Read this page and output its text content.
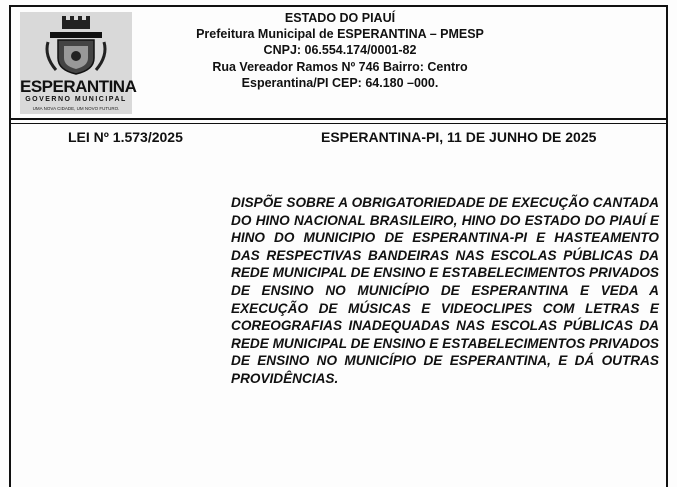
ESPERANTINA
GOVERNO MUNICIPAL
UMA NOVA CIDADE, UM NOVO FUTURO.
ESTADO DO PIAUÍ
Prefeitura Municipal de ESPERANTINA – PMESP
CNPJ: 06.554.174/0001-82
Rua Vereador Ramos Nº 746 Bairro: Centro
Esperantina/PI CEP: 64.180 –000.
LEI Nº 1.573/2025	ESPERANTINA-PI, 11 DE JUNHO DE 2025
DISPÕE SOBRE A OBRIGATORIEDADE DE EXECUÇÃO CANTADA DO HINO NACIONAL BRASILEIRO, HINO DO ESTADO DO PIAUÍ E HINO DO MUNICIPIO DE ESPERANTINA-PI E HASTEAMENTO DAS RESPECTIVAS BANDEIRAS NAS ESCOLAS PÚBLICAS DA REDE MUNICIPAL DE ENSINO E ESTABELECIMENTOS PRIVADOS DE ENSINO NO MUNICÍPIO DE ESPERANTINA E VEDA A EXECUÇÃO DE MÚSICAS E VIDEOCLIPES COM LETRAS E COREOGRAFIAS INADEQUADAS NAS ESCOLAS PÚBLICAS DA REDE MUNICIPAL DE ENSINO E ESTABELECIMENTOS PRIVADOS DE ENSINO NO MUNICÍPIO DE ESPERANTINA, E DÁ OUTRAS PROVIDÊNCIAS.
